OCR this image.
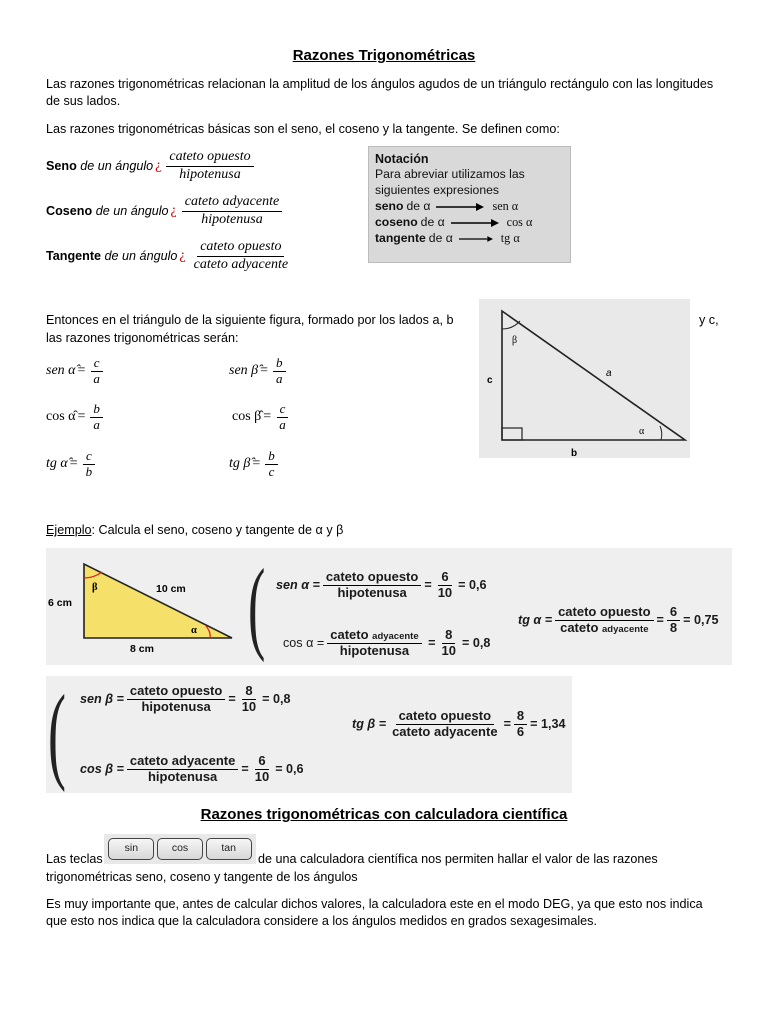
Razones Trigonométricas
Las razones trigonométricas relacionan la amplitud de los ángulos agudos de un triángulo rectángulo con las longitudes de sus lados.
Las razones trigonométricas básicas son el seno, el coseno y la tangente. Se definen como:
Seno
de un ángulo ¿ $\frac{\text{cateto opuesto}}{\text{hipotenusa}}$
Coseno
de un ángulo ¿ $\frac{\text{cateto adyacente}}{\text{hipotenusa}}$
Tangente
de un ángulo ¿ $\frac{\text{cateto opuesto}}{\text{cateto adyacente}}$
Notación
Para abreviar utilizamos las siguientes expresiones
seno de α	sen α
coseno de α	cos α
tangente de α	tg α
Entonces en el triángulo de la siguiente figura, formado por los lados a, b	y c,
las razones trigonométricas serán:
c
a
b
β
α
sen α̂ = $\frac{c}{a}$	sen β̂ = $\frac{b}{a}$
cos α̂ = $\frac{b}{a}$	cos β̂ = $\frac{c}{a}$
tg α̂ = $\frac{c}{b}$	tg β̂ = $\frac{b}{c}$
Ejemplo: Calcula el seno, coseno y tangente de α y β
6 cm
10 cm
8 cm
β
α ( sen $\alpha = \frac{\text{cateto opuesto}}{\text{hipotenusa}} = \frac{6}{10} = 0,6$
$\cos \alpha = \frac{\text{cateto adyacente}}{\text{hipotenusa}} = \frac{8}{10} = 0,8$
tg $\alpha = \frac{\text{cateto opuesto}}{\text{cateto adyacente}} = \frac{6}{8} = 0,75$
( sen $\beta = \frac{\text{cateto opuesto}}{\text{hipotenusa}} = \frac{8}{10} = 0,8$
tg $\beta = \frac{\text{cateto opuesto}}{\text{cateto adyacente}} = \frac{8}{6} = 1,34$
$\cos \beta = \frac{\text{cateto adyacente}}{\text{hipotenusa}} = \frac{6}{10} = 0,6$
Razones trigonométricas con calculadora científica
Las teclas
sin	cos	tan
de una calculadora científica nos permiten hallar el valor de las razones
trigonométricas seno, coseno y tangente de los ángulos
Es muy importante que, antes de calcular dichos valores, la calculadora este en el modo DEG, ya que esto nos indica que esto nos indica que la calculadora considere a los ángulos medidos en grados sexagesimales.
